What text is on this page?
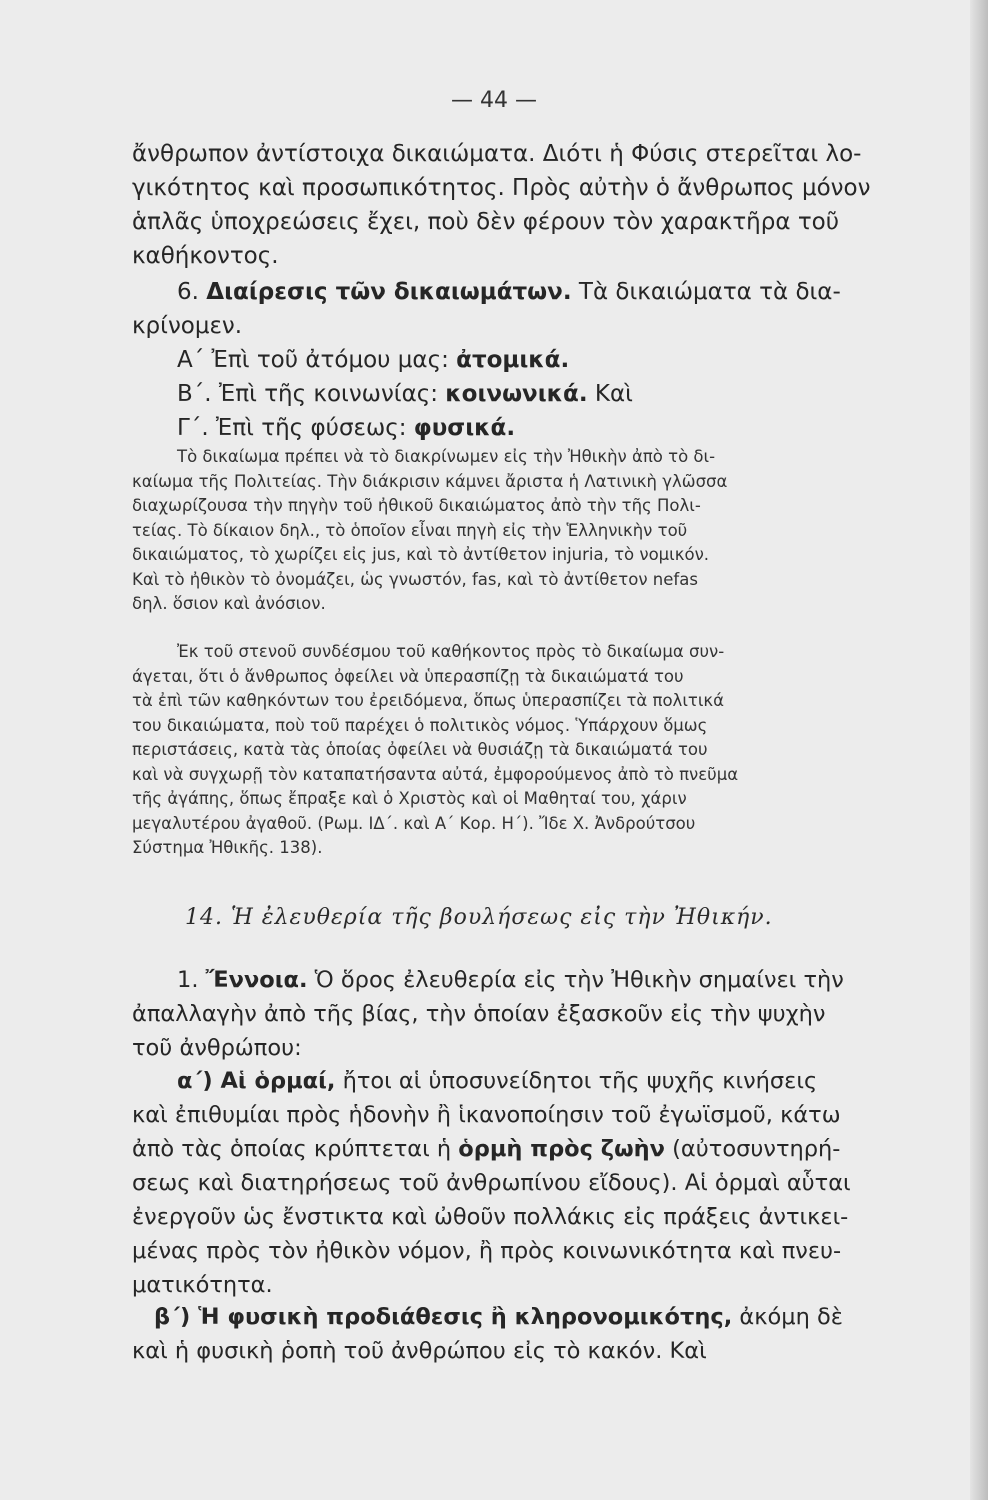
— 44 —
ἄνθρωπον ἀντίστοιχα δικαιώματα. Διότι ἡ Φύσις στερεῖται λο-
γικότητος καὶ προσωπικότητος. Πρὸς αὐτὴν ὁ ἄνθρωπος μόνον
ἁπλᾶς ὑποχρεώσεις ἔχει, ποὺ δὲν φέρουν τὸν χαρακτῆρα τοῦ
καθήκοντος.
6. Διαίρεσις τῶν δικαιωμάτων. Τὰ δικαιώματα τὰ δια-
κρίνομεν.
Α΄ Ἐπὶ τοῦ ἀτόμου μας: ἀτομικά.
Β΄. Ἐπὶ τῆς κοινωνίας: κοινωνικά. Καὶ
Γ΄. Ἐπὶ τῆς φύσεως: φυσικά.
Τὸ δικαίωμα πρέπει νὰ τὸ διακρίνωμεν εἰς τὴν Ἠθικὴν ἀπὸ τὸ δι-
καίωμα τῆς Πολιτείας. Τὴν διάκρισιν κάμνει ἄριστα ἡ Λατινικὴ γλῶσσα
διαχωρίζουσα τὴν πηγὴν τοῦ ἠθικοῦ δικαιώματος ἀπὸ τὴν τῆς Πολι-
τείας. Τὸ δίκαιον δηλ., τὸ ὁποῖον εἶναι πηγὴ εἰς τὴν Ἑλληνικὴν τοῦ
δικαιώματος, τὸ χωρίζει εἰς jus, καὶ τὸ ἀντίθετον injuria, τὸ νομικόν.
Καὶ τὸ ἠθικὸν τὸ ὀνομάζει, ὡς γνωστόν, fas, καὶ τὸ ἀντίθετον nefas
δηλ. ὅσιον καὶ ἀνόσιον.
Ἐκ τοῦ στενοῦ συνδέσμου τοῦ καθήκοντος πρὸς τὸ δικαίωμα συν-
άγεται, ὅτι ὁ ἄνθρωπος ὀφείλει νὰ ὑπερασπίζῃ τὰ δικαιώματά του
τὰ ἐπὶ τῶν καθηκόντων του ἐρειδόμενα, ὅπως ὑπερασπίζει τὰ πολιτικά
του δικαιώματα, ποὺ τοῦ παρέχει ὁ πολιτικὸς νόμος. Ὑπάρχουν ὅμως
περιστάσεις, κατὰ τὰς ὁποίας ὀφείλει νὰ θυσιάζῃ τὰ δικαιώματά του
καὶ νὰ συγχωρῇ τὸν καταπατήσαντα αὐτά, ἐμφορούμενος ἀπὸ τὸ πνεῦμα
τῆς ἀγάπης, ὅπως ἔπραξε καὶ ὁ Χριστὸς καὶ οἱ Μαθηταί του, χάριν
μεγαλυτέρου ἀγαθοῦ. (Ρωμ. ΙΔ΄. καὶ Α΄ Κορ. Η΄). Ἴδε Χ. Ἀνδρούτσου
Σύστημα Ἠθικῆς. 138).
14. Ἡ ἐλευθερία τῆς βουλήσεως εἰς τὴν Ἠθικήν.
1. Ἔννοια. Ὁ ὅρος ἐλευθερία εἰς τὴν Ἠθικὴν σημαίνει τὴν
ἀπαλλαγὴν ἀπὸ τῆς βίας, τὴν ὁποίαν ἐξασκοῦν εἰς τὴν ψυχὴν
τοῦ ἀνθρώπου:
α΄) Αἱ ὁρμαί, ἤτοι αἱ ὑποσυνείδητοι τῆς ψυχῆς κινήσεις
καὶ ἐπιθυμίαι πρὸς ἡδονὴν ἢ ἱκανοποίησιν τοῦ ἐγωϊσμοῦ, κάτω
ἀπὸ τὰς ὁποίας κρύπτεται ἡ ὁρμὴ πρὸς ζωὴν (αὐτοσυντηρή-
σεως καὶ διατηρήσεως τοῦ ἀνθρωπίνου εἴδους). Αἱ ὁρμαὶ αὗται
ἐνεργοῦν ὡς ἔνστικτα καὶ ὠθοῦν πολλάκις εἰς πράξεις ἀντικει-
μένας πρὸς τὸν ἠθικὸν νόμον, ἢ πρὸς κοινωνικότητα καὶ πνευ-
ματικότητα.
β΄) Ἡ φυσικὴ προδιάθεσις ἢ κληρονομικότης, ἀκόμη δὲ
καὶ ἡ φυσικὴ ῥοπὴ τοῦ ἀνθρώπου εἰς τὸ κακόν. Καὶ
